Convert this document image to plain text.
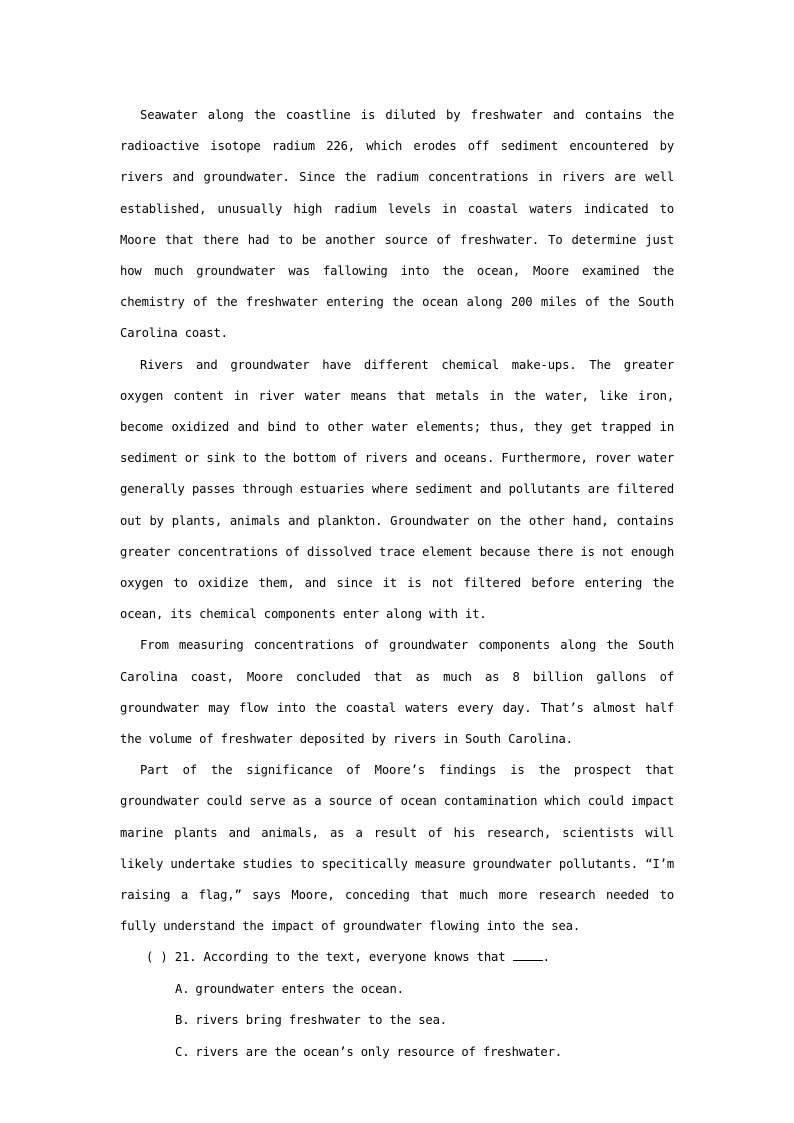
Seawater along the coastline is diluted by freshwater and contains the radioactive isotope radium 226, which erodes off sediment encountered by rivers and groundwater. Since the radium concentrations in rivers are well established, unusually high radium levels in coastal waters indicated to Moore that there had to be another source of freshwater. To determine just how much groundwater was fallowing into the ocean, Moore examined the chemistry of the freshwater entering the ocean along 200 miles of the South Carolina coast.

Rivers and groundwater have different chemical make-ups. The greater oxygen content in river water means that metals in the water, like iron, become oxidized and bind to other water elements; thus, they get trapped in sediment or sink to the bottom of rivers and oceans. Furthermore, rover water generally passes through estuaries where sediment and pollutants are filtered out by plants, animals and plankton. Groundwater on the other hand, contains greater concentrations of dissolved trace element because there is not enough oxygen to oxidize them, and since it is not filtered before entering the ocean, its chemical components enter along with it.

From measuring concentrations of groundwater components along the South Carolina coast, Moore concluded that as much as 8 billion gallons of groundwater may flow into the coastal waters every day. That’s almost half the volume of freshwater deposited by rivers in South Carolina.

Part of the significance of Moore’s findings is the prospect that groundwater could serve as a source of ocean contamination which could impact marine plants and animals, as a result of his research, scientists will likely undertake studies to specitically measure groundwater pollutants. “I’m raising a flag,” says Moore, conceding that much more research needed to fully understand the impact of groundwater flowing into the sea.

( ) 21. According to the text, everyone knows that	.

A. groundwater enters the ocean.
B. rivers bring freshwater to the sea.
C. rivers are the ocean’s only resource of freshwater.
